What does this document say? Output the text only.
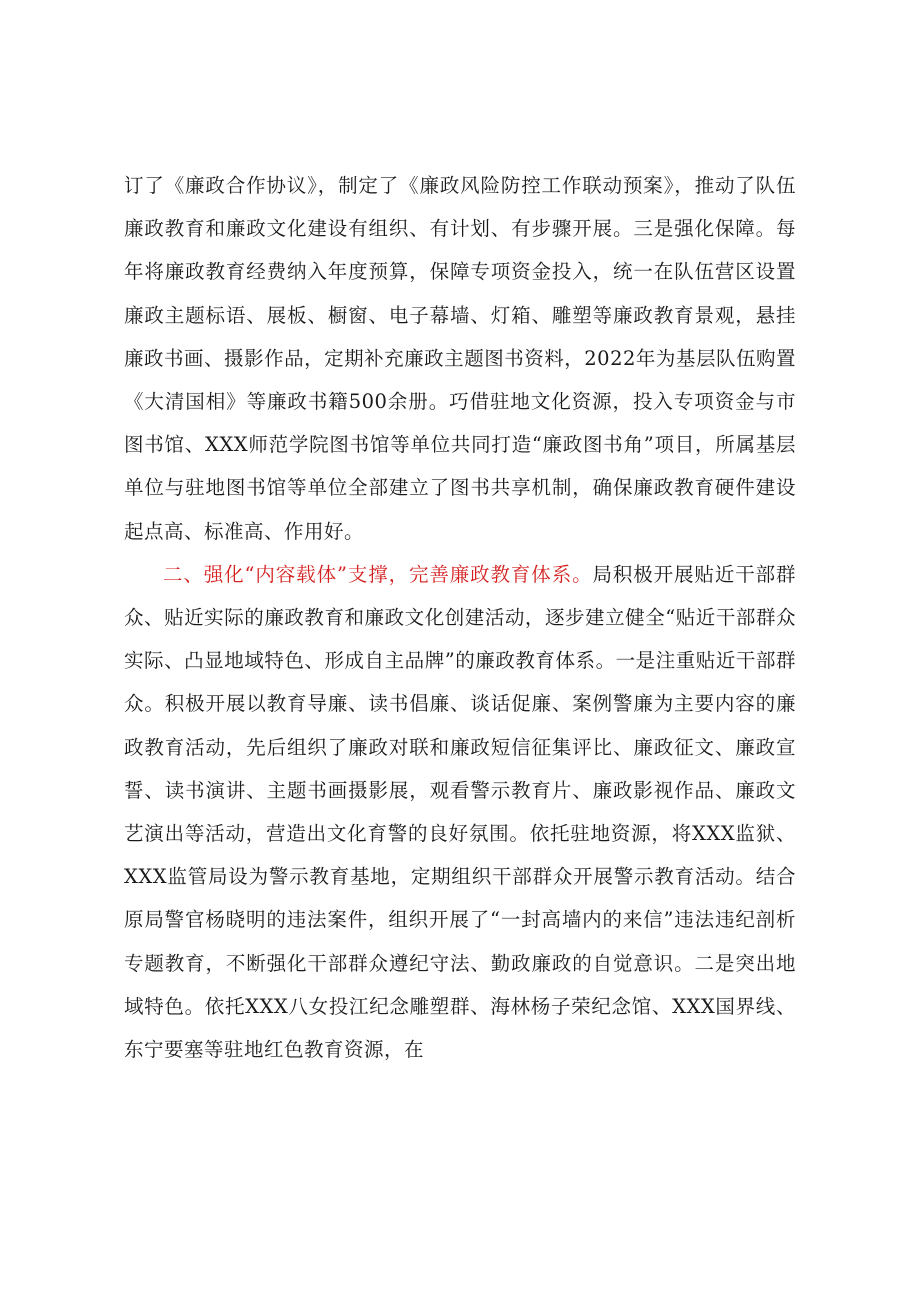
订了《廉政合作协议》，制定了《廉政风险防控工作联动预案》，推动了队伍廉政教育和廉政文化建设有组织、有计划、有步骤开展。三是强化保障。每年将廉政教育经费纳入年度预算，保障专项资金投入，统一在队伍营区设置廉政主题标语、展板、橱窗、电子幕墙、灯箱、雕塑等廉政教育景观，悬挂廉政书画、摄影作品，定期补充廉政主题图书资料，2022年为基层队伍购置《大清国相》等廉政书籍500余册。巧借驻地文化资源，投入专项资金与市图书馆、XXX师范学院图书馆等单位共同打造“廉政图书角”项目，所属基层单位与驻地图书馆等单位全部建立了图书共享机制，确保廉政教育硬件建设起点高、标准高、作用好。

二、强化“内容载体”支撑，完善廉政教育体系。局积极开展贴近干部群众、贴近实际的廉政教育和廉政文化创建活动，逐步建立健全“贴近干部群众实际、凸显地域特色、形成自主品牌”的廉政教育体系。一是注重贴近干部群众。积极开展以教育导廉、读书倡廉、谈话促廉、案例警廉为主要内容的廉政教育活动，先后组织了廉政对联和廉政短信征集评比、廉政征文、廉政宣誓、读书演讲、主题书画摄影展，观看警示教育片、廉政影视作品、廉政文艺演出等活动，营造出文化育警的良好氛围。依托驻地资源，将XXX监狱、XXX监管局设为警示教育基地，定期组织干部群众开展警示教育活动。结合原局警官杨晓明的违法案件，组织开展了“一封高墙内的来信”违法违纪剖析专题教育，不断强化干部群众遵纪守法、勤政廉政的自觉意识。二是突出地域特色。依托XXX八女投江纪念雕塑群、海林杨子荣纪念馆、XXX国界线、东宁要塞等驻地红色教育资源，在
